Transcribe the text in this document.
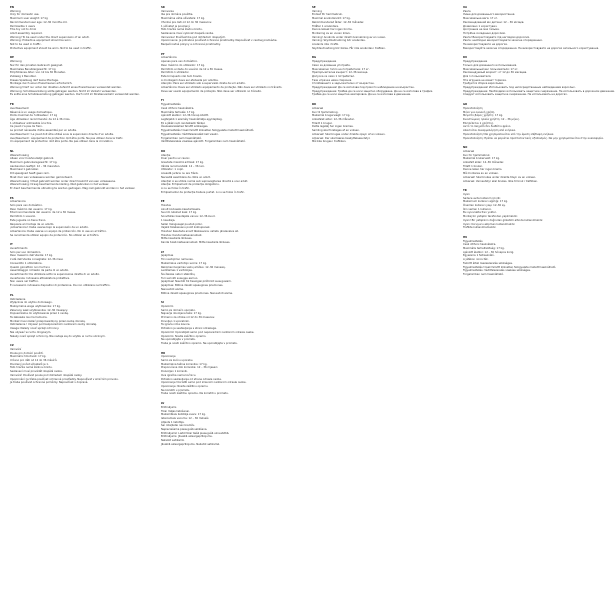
EN
Warning
Only for domestic use.
Maximum user weight: 17 kg
Recommended user age: 12–36 months old.
Permissible 1 users
This toy not to drink
Adult assembly required.
Warning! To be used under the direct supervision of an adult.
Warning: Protective equipment should be worn.
Not to be used in traffic.
Protective equipment should be worn. Not to be used in traffic.
DE
Warnung
Nur für den privaten Gebrauch geeignet.
Maximales Benutzergewicht: 17 kg
Empfohlenes Alter: von 12 bis 36 Monaten.
Zulässig 1 Benutzer.
Dieses Spielzeug darf keine Montage.
Montage durch einen Erwachsenen erforderlich.
Warnung! Darf nur unter der direkten Aufsicht eines Erwachsenen verwendet werden.
Warnung: Schutzausrüstung sollte getragen werden. Nicht im Verkehr verwenden.
Es sollte eine Schutzausrüstung getragen werden. Darf nicht im Straßenverkehr verwendet werden.
FR
Avertissement
Réservé à un usage domestique.
Poids maximal de l'utilisateur: 17 kg
Âge utilisateur recommandé: de 12 à 36 mois.
1 utilisateur admissible à la fois.
Ce jouet n'a pas de frein.
Le produit nécessite d'être assemblé par un adulte.
Avertissement ! Le jouet doit être utilisé sous la supervision directe d'un adulte.
Avertissement : équipement de protection doit être porté. Ne pas utiliser dans le trafic.
Un équipement de protection doit être porté. Ne pas utiliser dans la circulation.
NL
Waarschuwing
Alleen voor huishoudelijk gebruik.
Maximum gebruikersgewicht: 17 kg.
Aanbevolen leeftijd: 12 – 36 maanden.
Maximaal 1 gebruiker.
Dit speelgoed heeft geen rem.
Moet door een volwassene worden gemonteerd.
Waarschuwing ! Moet gebruikt worden onder direct toezicht van een volwassene.
Waarschuwing: Draag beschermende kleding. Niet gebruiken in het verkeer.
Er dient beschermende uitrusting te worden gedragen. Mag niet gebruikt worden in het verkeer.
ES
Advertencia
Solo para uso doméstico.
Peso máximo del usuario: 17 kg.
Edad recomendada del usuario: de 12 a 36 meses.
Permitido 1 usuario.
Este juguete no tiene freno.
Requiere el montaje de un adulto.
¡Advertencia!: Debe usarse bajo la supervisión de un adulto.
Advertencia: Debe usarse un equipo de protección. No lo use en el tráfico.
Se recomienda utilizar equipo de protección. No utilizar en el tráfico.
IT
Avvertimento
Solo per uso domestico.
Peso massimo dell'utente: 17 kg.
L'età dell'utente consigliata: 12–36 mesi.
Consentito 1 utilizzatore.
Questo giocattolo non ha freni.
Assemblaggio richiesto da parte di un adulto.
Avvertimento! Da utilizzare sotto la supervisione diretta di un adulto.
Avvertenza: Indossare attrezzatura protettiva.
Non usare nel traffico.
È necessario indossare dispositivi di protezione. Da non utilizzare nel traffico.
PL
Ostrzeżenie
Wyłącznie do użytku domowego.
Maksymalna waga użytkownika: 17 kg.
Zalecany wiek użytkownika: 12–36 miesięcy.
Dopuszczalne do użytkowania przez 1 osobę.
Ta zabawka nie ma hamulca.
Montaż musi zostać przeprowadzony przez osobę dorosłą.
Ostrzeżenie ! Używać pod bezpośrednim nadzorem osoby dorosłej.
Uwaga: Należy nosić sprzęt ochronny.
Nie używać w ruchu drogowym.
Należy nosić sprzęt ochronny. Nie nadaje się do użytku w ruchu ulicznym.
CZ
Varování
Pouze pro domácí použití.
Maximální hmotnost: 17 kg.
Určeno pro děti od 12 do 36 měsíců.
Povolený počet uživatelů je 1.
Tato hračka nemá žádnou brzdu.
Sestavení musí provádět dospělá osoba.
Varování! Používat pouze pod dohledem dospělé osoby.
Upozornění: Je třeba používat ochranné prostředky. Nepoužívat v silničním provozu.
Je třeba používat ochranné pomůcky. Nepoužívat v dopravě.
SK
Varovanie
Iba pre domáce použitie.
Maximálna váha užívateľa: 17 kg.
Vhodné pre deti od 12 do 36 mesiacov.
1 užívateľ je povolený.
Táto hračka nemá žiadnu brzdu.
Sestavenie musí vykonať dospelá osoba.
Varovanie! Používať iba pod dohľadom dospelých.
Upozornenie: Je potrebné používať ochranné prostriedky. Nepoužívať v cestnej premávke.
Bezpečnostné pokyny a ochranné prostriedky.
PT
Advertência
Apenas para uso doméstico.
Peso máximo do utilizador: 17 kg.
Permitido a idade do usuário de 12 a 36 meses.
Permitido 1 utilizador.
Este brinquedo não tem travão.
A montagem deve ser efetuada por adultos.
Atenção: Para ser utilizado sob a supervisão direta de um adulto.
Advertência: Deve ser utilizado equipamento de proteção. Não deve ser utilizado no trânsito.
Deve ser usado equipamento de proteção. Não deve ser utilizado no trânsito.
FI
Figyelmeztetés
Csak otthoni használatra.
Maximális terhelés: 17 kg.
Ajánlott életkor: 12–36 hónap között.
Legfeljebb 1 személy használhatja egyidejűleg.
Ez a játék nem rendelkezik fékkel.
Összeszereléshez felnőtt szükséges.
Figyelmeztetés! Csak felnőtt közvetlen felügyelete mellett használható.
Figyelmeztetés: Védőfelszerelést kell viselni.
Forgalomban nem használható.
Védőfelszerelés viselése ajánlott. Forgalomban nem használható.
RO
Atenție
Doar pentru uz casnic.
Greutate maximă admisă: 17 kg.
Vârsta recomandată: 12 – 36 luni.
Utilizator: 1 copil.
Această jucărie nu are frână.
Necesită asamblare de către un adult.
Atenție! A se utiliza numai sub supravegherea directă a unui adult.
Atenție: Echipament de protecție obligatoriu.
A nu se folosi în trafic.
Echipamentul de protecție trebuie purtat. A nu se folosi în trafic.
EE
Hoiatus
Ainult koduseks kasutamiseks.
Suurim lubatud kaal: 17 kg.
Soovitatav kasutajate vanus: 12–36 kuud.
1 kasutaja.
Sellel mänguasjal puudub pidur.
Vajalik täiskasvanu poolt kokkupanek.
Hoiatus! Kasutada ainult täiskasvanu vahetu järelevalve all.
Hoiatus: Kanda kaitsevarustust.
Mitte kasutada liikluses.
Kanda tuleb kaitsevarustust. Mitte kasutada liikluses.
LT
Įspėjimas
Tik naudojimui namuose.
Maksimalus vartotojo svoris: 17 kg.
Rekomenduojamas vaikų amžius: 12–36 mėnesių.
Leidžiamas 1 vartotojas.
Šis žaislas neturi stabdžių.
Turi surinkti suaugęs asmuo.
Įspėjimas! Naudoti tik tiesiogiai prižiūrint suaugusiam.
Įspėjimas: Būtina dėvėti apsaugines priemones.
Nenaudoti eisme.
Būtina dėvėti apsaugines priemones. Nenaudoti eisme.
SI
Opozorilo
Samo za domačo uporabo.
Največja dovoljena teža: 17 kg.
Primerno za otroke od 12 do 36 mesecev.
Dovoljen 1 uporabnik.
Ta igrača nima zavore.
Potrebno je sestavljanje s strani odraslega.
Opozorilo! Uporabljati samo pod neposrednim nadzorom odrasle osebe.
Opozorilo: Nosite zaščitno opremo.
Ne uporabljajte v prometu.
Treba je nositi zaščitno opremo. Ne uporabljajte v prometu.
HR
Upozorenje
Samo za kućnu uporabu.
Maksimalna težina korisnika: 17 kg.
Preporučena dob korisnika: 12 – 36 mjeseci.
Dozvoljen 1 korisnik.
Ova igračka nema kočnicu.
Potrebno sastavljanje od strane odrasle osobe.
Upozorenje! Koristiti samo pod izravnim nadzorom odrasle osobe.
Upozorenje: Nosite zaštitnu opremu.
Ne koristiti u prometu.
Treba nositi zaštitnu opremu. Ne koristiti u prometu.
LV
Brīdinājums
Tikai mājas lietošanai.
Maksimālais lietotāja svars: 17 kg.
Ieteicamais vecums: 12 – 36 mēneši.
Atļauts 1 lietotājs.
Šai rotaļlietai nav bremžu.
Nepieciešama pieaugušā salikšana.
Brīdinājums! Lietot tikai tiešā pieaugušā uzraudzībā.
Brīdinājums: Jāvalkā aizsargaprīkojums.
Nelietot satiksmē.
Jāvalkā aizsargaprīkojums. Nelietot satiksmē.
SE
Varning
Endast för hemmabruk.
Maximal användarvikt: 17 kg.
Rekommenderad ålder: 12–36 månader.
Tillåter 1 användare.
Denna leksak har ingen broms.
Montering av en vuxen krävs.
Varning! Används under direkt övervakning av en vuxen.
Varning: Skyddsutrustning bör användas.
Används inte i trafik.
Skyddsutrustning bör bäras. Får inte användas i trafiken.
BG
Предупреждение
Само за домашна употреба.
Максимално тегло на потребителя: 17 кг.
Препоръчителна възраст: 12–36 месеца.
Допуска се само 1 потребител.
Тази играчка няма спирачка.
Сглобяването е задължително от възрастен.
Предупреждение! Да се използва под прякото наблюдение на възрастен.
Предупреждение: Трябва да се носи защитно оборудване. Да не се използва в трафик.
Трябва да се носи защитна екипировка. Да не се използва в движение.
DK
Advarsel
Kun til hjemmebrug.
Maksimal brugervægt: 17 kg.
Anbefalet alder: 12–36 måneder.
Tilladt 1 bruger.
Dette legetøj har ingen bremse.
Samling skal foretages af en voksen.
Advarsel! Skal bruges under direkte opsyn af en voksen.
Advarsel: Der skal bæres beskyttelsesudstyr.
Må ikke bruges i trafikken.
UA
Увага
Лише для домашнього використання.
Максимальна вага: 17 кг.
Рекомендований вік дитини: 12 – 36 місяців.
Дозволено 1 користувач.
Ця іграшка не має гальма.
Потрібне складання дорослим.
Увага! Використовувати під наглядом дорослих.
Увага: необхідно використовувати захисне спорядження.
Не використовувати на дорогах.
Використовуйте захисне спорядження. Не використовувати на дорогах загального користування.
RU
Предупреждение
Только для домашнего использования.
Максимальный вес пользователя: 17 кг.
Рекомендуемый возраст: от 12 до 36 месяцев.
Для 1 пользователя.
Эта игрушка не имеет тормоза.
Требуется сборка взрослыми.
Предупреждение! Использовать под непосредственным наблюдением взрослых.
Предупреждение: Необходимо использовать защитное снаряжение. Не использовать в дорожном движении.
Следует использовать защитное снаряжение. Не использовать на дорогах.
GR
Προειδοποίηση
Μόνο για οικιακή χρήση.
Μέγιστο βάρος χρήστη: 17 kg.
Συνιστώμενη ηλικία χρήστη: 12 – 36 μήνες.
Επιτρέπεται 1 χρήστης.
Αυτό το παιχνίδι δεν διαθέτει φρένο.
Απαιτείται συναρμολόγηση από ενήλικα.
Προειδοποίηση! Να χρησιμοποιείται υπό την άμεση επίβλεψη ενήλικα.
Προειδοποίηση: Πρέπει να φοριέται προστατευτικός εξοπλισμός. Να μην χρησιμοποιείται στην κυκλοφορία.
NO
Advarsel
Kun for hjemmebruk.
Maksimal brukervekt: 17 kg.
Anbefalt alder: 12–36 måneder.
Tillatt 1 bruker.
Denne leken har ingen brems.
Må monteres av en voksen.
Advarsel! Skal brukes under direkte tilsyn av en voksen.
Advarsel: Verneutstyr skal brukes. Ikke til bruk i trafikken.
TR
Uyarı
Sadece evde kullanım içindir.
Maksimum kullanıcı ağırlığı: 17 kg.
Önerilen kullanıcı yaşı: 12–36 ay.
İzin verilen 1 kullanıcı.
Bu oyuncakta fren yoktur.
Montaj bir yetişkin tarafından yapılmalıdır.
Uyarı! Bir yetişkinin doğrudan gözetimi altında kullanılmalıdır.
Uyarı: Koruyucu ekipman kullanılmalıdır.
Trafikte kullanılmamalıdır.
HU
Figyelmeztetés
Csak otthoni használatra.
Maximális terhelhetőség: 17 kg.
Ajánlott életkor: 12 – 36 hónapos korig.
Egyszerre 1 felhasználó.
A játékon nincs fék.
Felnőtt általi összeszerelés szükséges.
Figyelmeztetés! Csak felnőtt közvetlen felügyelete mellett használható.
Figyelmeztetés: Védőfelszerelés viselése szükséges.
Forgalomban nem használható.
